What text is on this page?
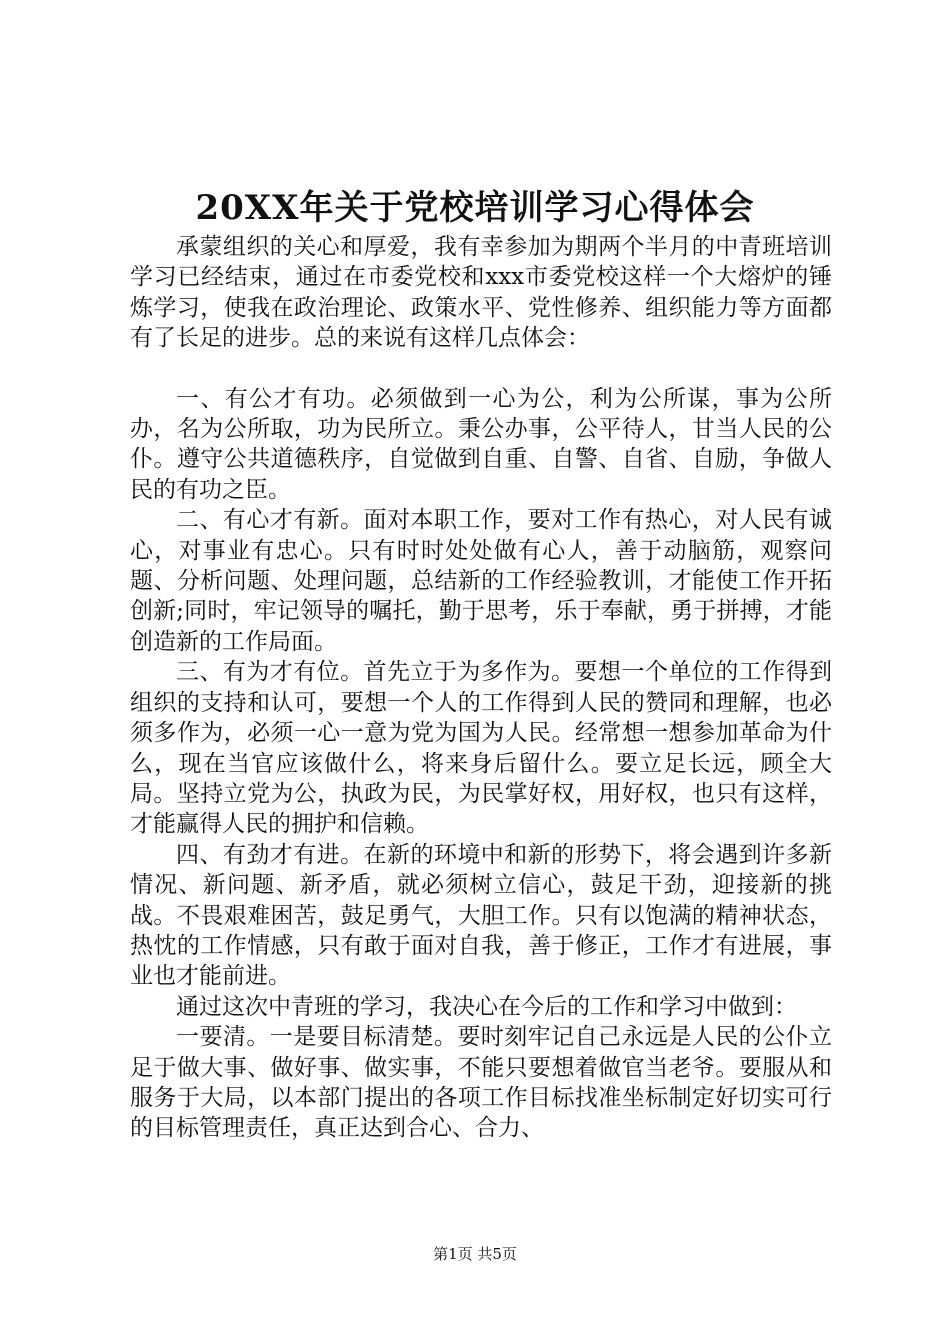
20XX年关于党校培训学习心得体会

承蒙组织的关心和厚爱，我有幸参加为期两个半月的中青班培训学习已经结束，通过在市委党校和xxx市委党校这样一个大熔炉的锤炼学习，使我在政治理论、政策水平、党性修养、组织能力等方面都有了长足的进步。总的来说有这样几点体会：

一、有公才有功。必须做到一心为公，利为公所谋，事为公所办，名为公所取，功为民所立。秉公办事，公平待人，甘当人民的公仆。遵守公共道德秩序，自觉做到自重、自警、自省、自励，争做人民的有功之臣。

二、有心才有新。面对本职工作，要对工作有热心，对人民有诚心，对事业有忠心。只有时时处处做有心人，善于动脑筋，观察问题、分析问题、处理问题，总结新的工作经验教训，才能使工作开拓创新;同时，牢记领导的嘱托，勤于思考，乐于奉献，勇于拼搏，才能创造新的工作局面。

三、有为才有位。首先立于为多作为。要想一个单位的工作得到组织的支持和认可，要想一个人的工作得到人民的赞同和理解，也必须多作为，必须一心一意为党为国为人民。经常想一想参加革命为什么，现在当官应该做什么，将来身后留什么。要立足长远，顾全大局。坚持立党为公，执政为民，为民掌好权，用好权，也只有这样，才能赢得人民的拥护和信赖。

四、有劲才有进。在新的环境中和新的形势下，将会遇到许多新情况、新问题、新矛盾，就必须树立信心，鼓足干劲，迎接新的挑战。不畏艰难困苦，鼓足勇气，大胆工作。只有以饱满的精神状态，热忱的工作情感，只有敢于面对自我，善于修正，工作才有进展，事业也才能前进。

通过这次中青班的学习，我决心在今后的工作和学习中做到：

一要清。一是要目标清楚。要时刻牢记自己永远是人民的公仆立足于做大事、做好事、做实事，不能只要想着做官当老爷。要服从和服务于大局，以本部门提出的各项工作目标找准坐标制定好切实可行的目标管理责任，真正达到合心、合力、

第1页 共5页
